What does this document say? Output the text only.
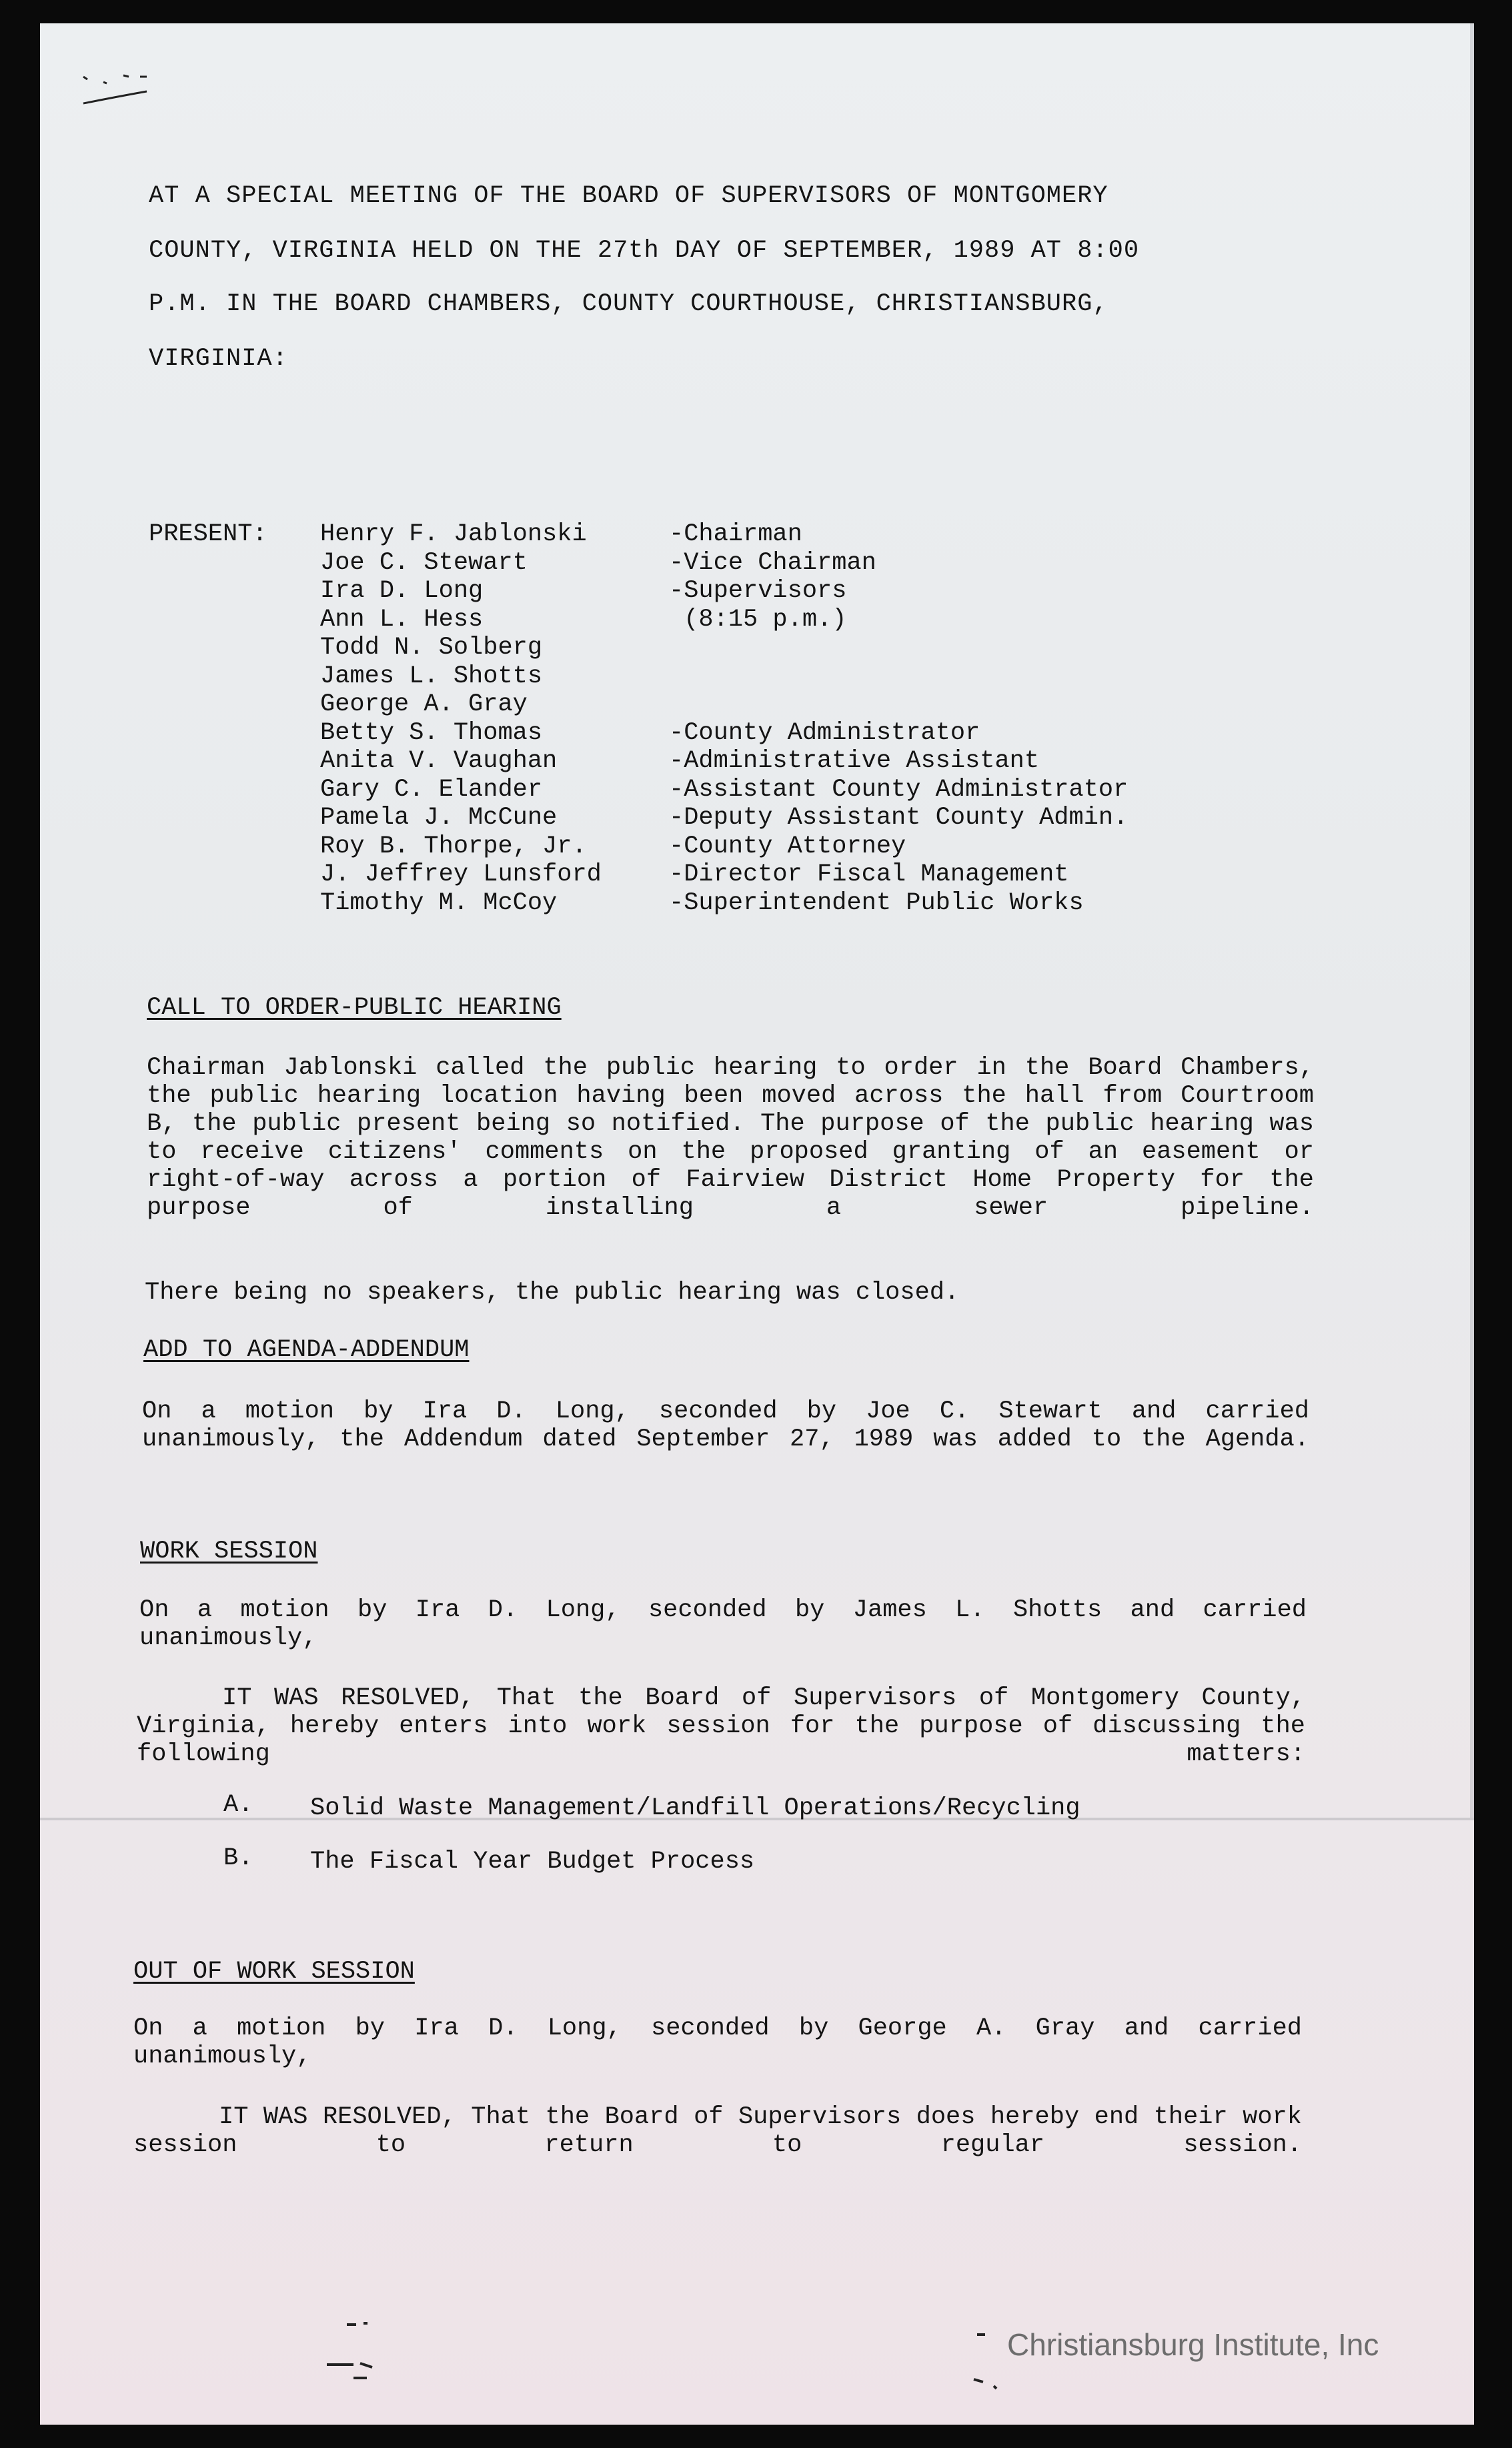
AT A SPECIAL MEETING OF THE BOARD OF SUPERVISORS OF MONTGOMERY
COUNTY, VIRGINIA HELD ON THE 27th DAY OF SEPTEMBER, 1989 AT 8:00
P.M. IN THE BOARD CHAMBERS, COUNTY COURTHOUSE, CHRISTIANSBURG,
VIRGINIA:
PRESENT: Henry F. Jablonski
Joe C. Stewart
Ira D. Long
Ann L. Hess
Todd N. Solberg
James L. Shotts
George A. Gray
Betty S. Thomas
Anita V. Vaughan
Gary C. Elander
Pamela J. McCune
Roy B. Thorpe, Jr.
J. Jeffrey Lunsford
Timothy M. McCoy
-Chairman
-Vice Chairman
-Supervisors
(8:15 p.m.)

-County Administrator
-Administrative Assistant
-Assistant County Administrator
-Deputy Assistant County Admin.
-County Attorney
-Director Fiscal Management
-Superintendent Public Works
CALL TO ORDER-PUBLIC HEARING
Chairman Jablonski called the public hearing to order in the Board Chambers, the public hearing location having been moved across the hall from Courtroom B, the public present being so notified. The purpose of the public hearing was to receive citizens' comments on the proposed granting of an easement or right-of-way across a portion of Fairview District Home Property for the purpose of installing a sewer pipeline.
There being no speakers, the public hearing was closed.
ADD TO AGENDA-ADDENDUM
On a motion by Ira D. Long, seconded by Joe C. Stewart and carried unanimously, the Addendum dated September 27, 1989 was added to the Agenda.
WORK SESSION
On a motion by Ira D. Long, seconded by James L. Shotts and carried unanimously,
IT WAS RESOLVED, That the Board of Supervisors of Montgomery County, Virginia, hereby enters into work session for the purpose of discussing the following matters:
A. Solid Waste Management/Landfill Operations/Recycling
B. The Fiscal Year Budget Process
OUT OF WORK SESSION
On a motion by Ira D. Long, seconded by George A. Gray and carried unanimously,
IT WAS RESOLVED, That the Board of Supervisors does hereby end their work session to return to regular session.
Christiansburg Institute, Inc
